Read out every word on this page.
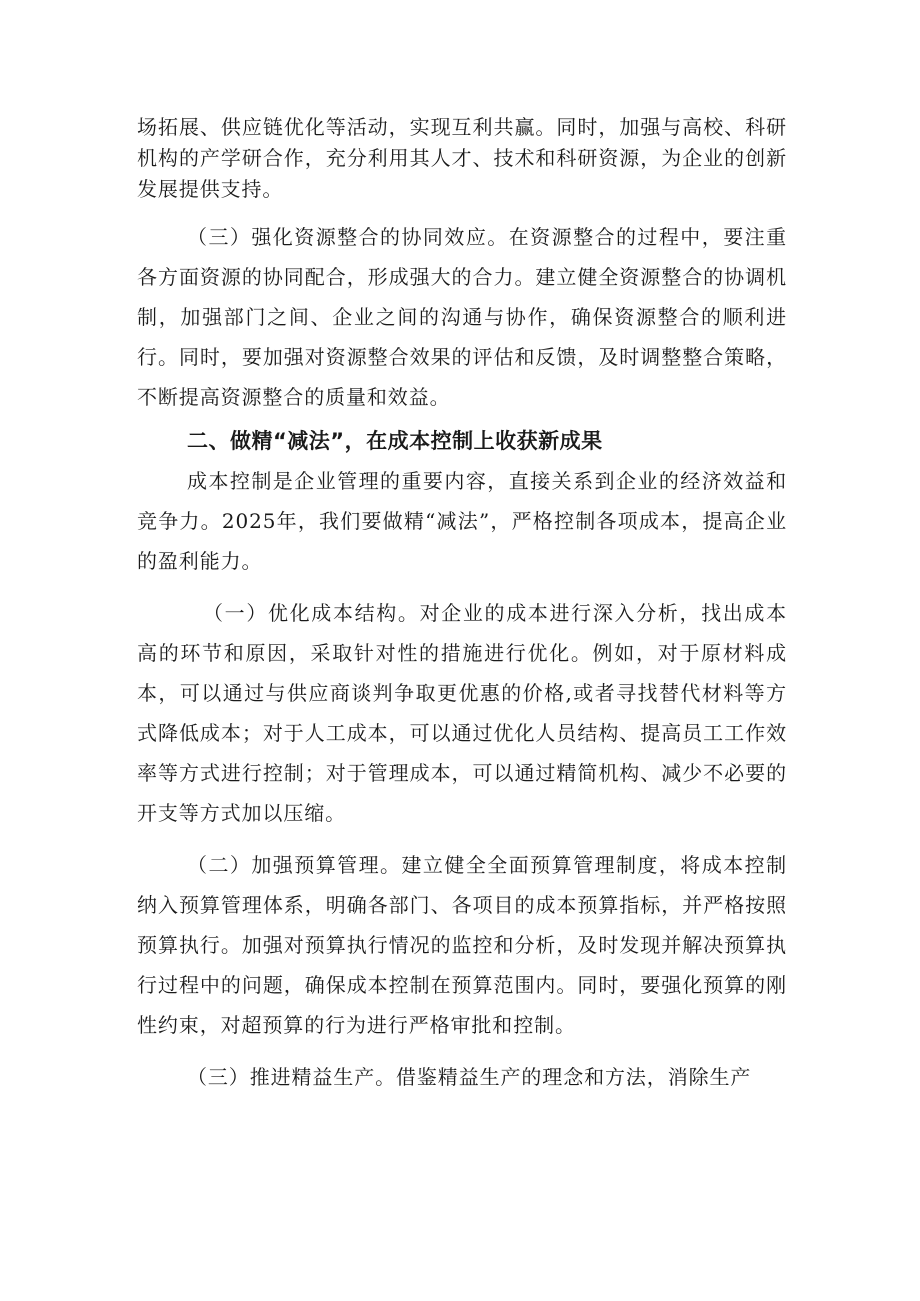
场拓展、供应链优化等活动，实现互利共赢。同时，加强与高校、科研机构的产学研合作，充分利用其人才、技术和科研资源，为企业的创新发展提供支持。

（三）强化资源整合的协同效应。在资源整合的过程中，要注重各方面资源的协同配合，形成强大的合力。建立健全资源整合的协调机制，加强部门之间、企业之间的沟通与协作，确保资源整合的顺利进行。同时，要加强对资源整合效果的评估和反馈，及时调整整合策略，不断提高资源整合的质量和效益。

二、做精“减法”，在成本控制上收获新成果

成本控制是企业管理的重要内容，直接关系到企业的经济效益和竞争力。2025年，我们要做精“减法”，严格控制各项成本，提高企业的盈利能力。

（一）优化成本结构。对企业的成本进行深入分析，找出成本高的环节和原因，采取针对性的措施进行优化。例如，对于原材料成本，可以通过与供应商谈判争取更优惠的价格,或者寻找替代材料等方式降低成本；对于人工成本，可以通过优化人员结构、提高员工工作效率等方式进行控制；对于管理成本，可以通过精简机构、减少不必要的开支等方式加以压缩。

（二）加强预算管理。建立健全全面预算管理制度，将成本控制纳入预算管理体系，明确各部门、各项目的成本预算指标，并严格按照预算执行。加强对预算执行情况的监控和分析，及时发现并解决预算执行过程中的问题，确保成本控制在预算范围内。同时，要强化预算的刚性约束，对超预算的行为进行严格审批和控制。

（三）推进精益生产。借鉴精益生产的理念和方法，消除生产
